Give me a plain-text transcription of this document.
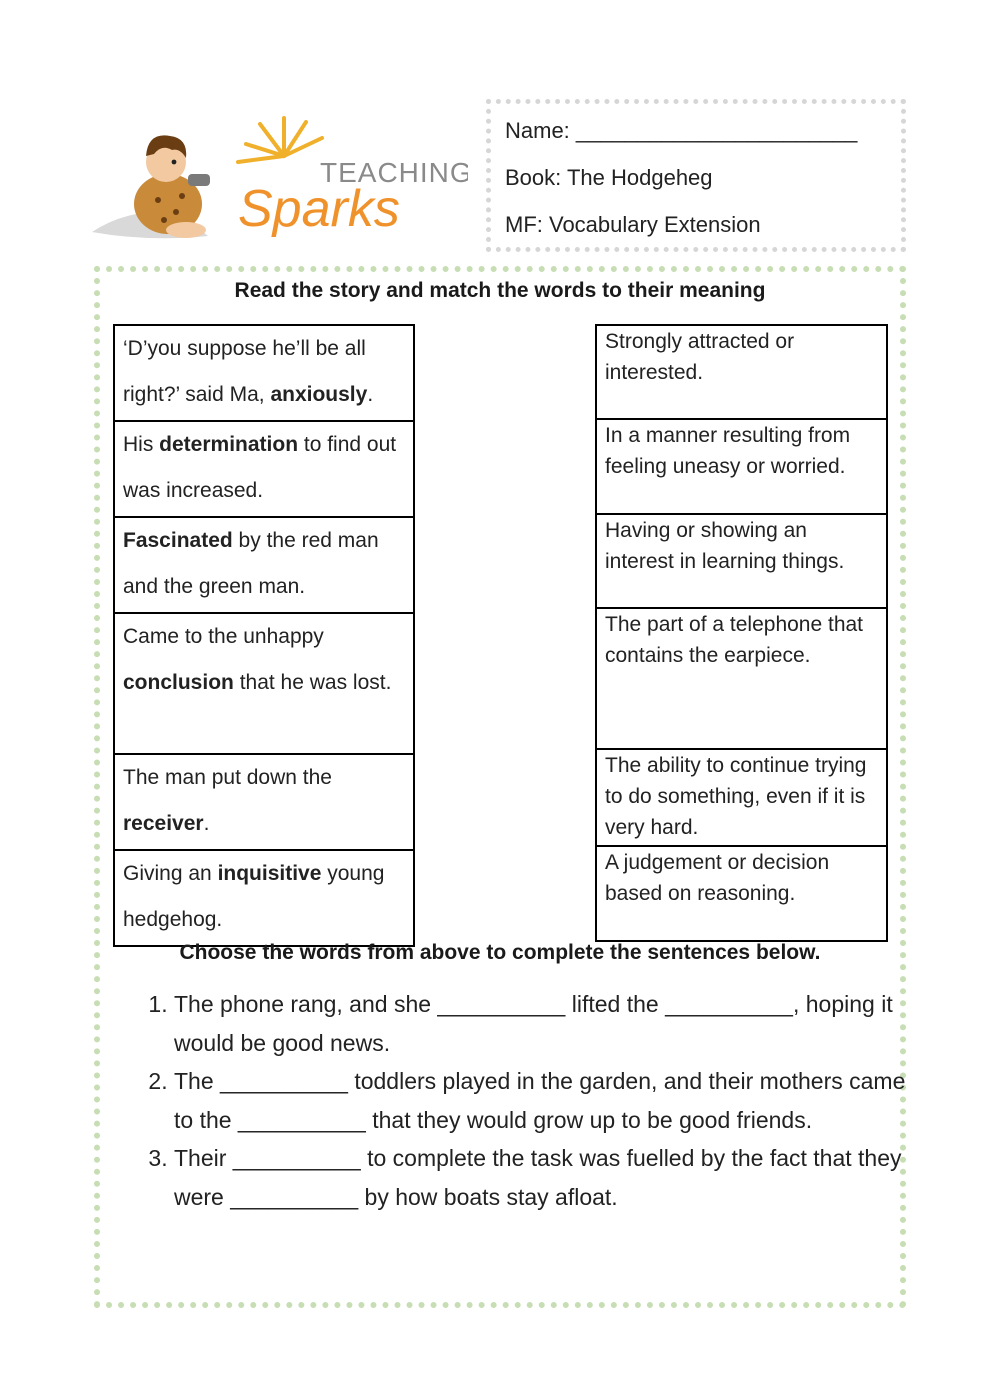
TEACHING
Sparks
Name: _______________________
Book: The Hodgeheg
MF: Vocabulary Extension
Read the story and match the words to their meaning
‘D’you suppose he’ll be all right?’ said Ma, anxiously.
His determination to find out was increased.
Fascinated by the red man and the green man.
Came to the unhappy conclusion that he was lost.
The man put down the receiver.
Giving an inquisitive young hedgehog.
Strongly attracted or interested.
In a manner resulting from feeling uneasy or worried.
Having or showing an interest in learning things.
The part of a telephone that contains the earpiece.
The ability to continue trying to do something, even if it is very hard.
A judgement or decision based on reasoning.
Choose the words from above to complete the sentences below.
1. The phone rang, and she __________ lifted the __________, hoping it would be good news.
2. The __________ toddlers played in the garden, and their mothers came to the __________ that they would grow up to be good friends.
3. Their __________ to complete the task was fuelled by the fact that they were __________ by how boats stay afloat.
